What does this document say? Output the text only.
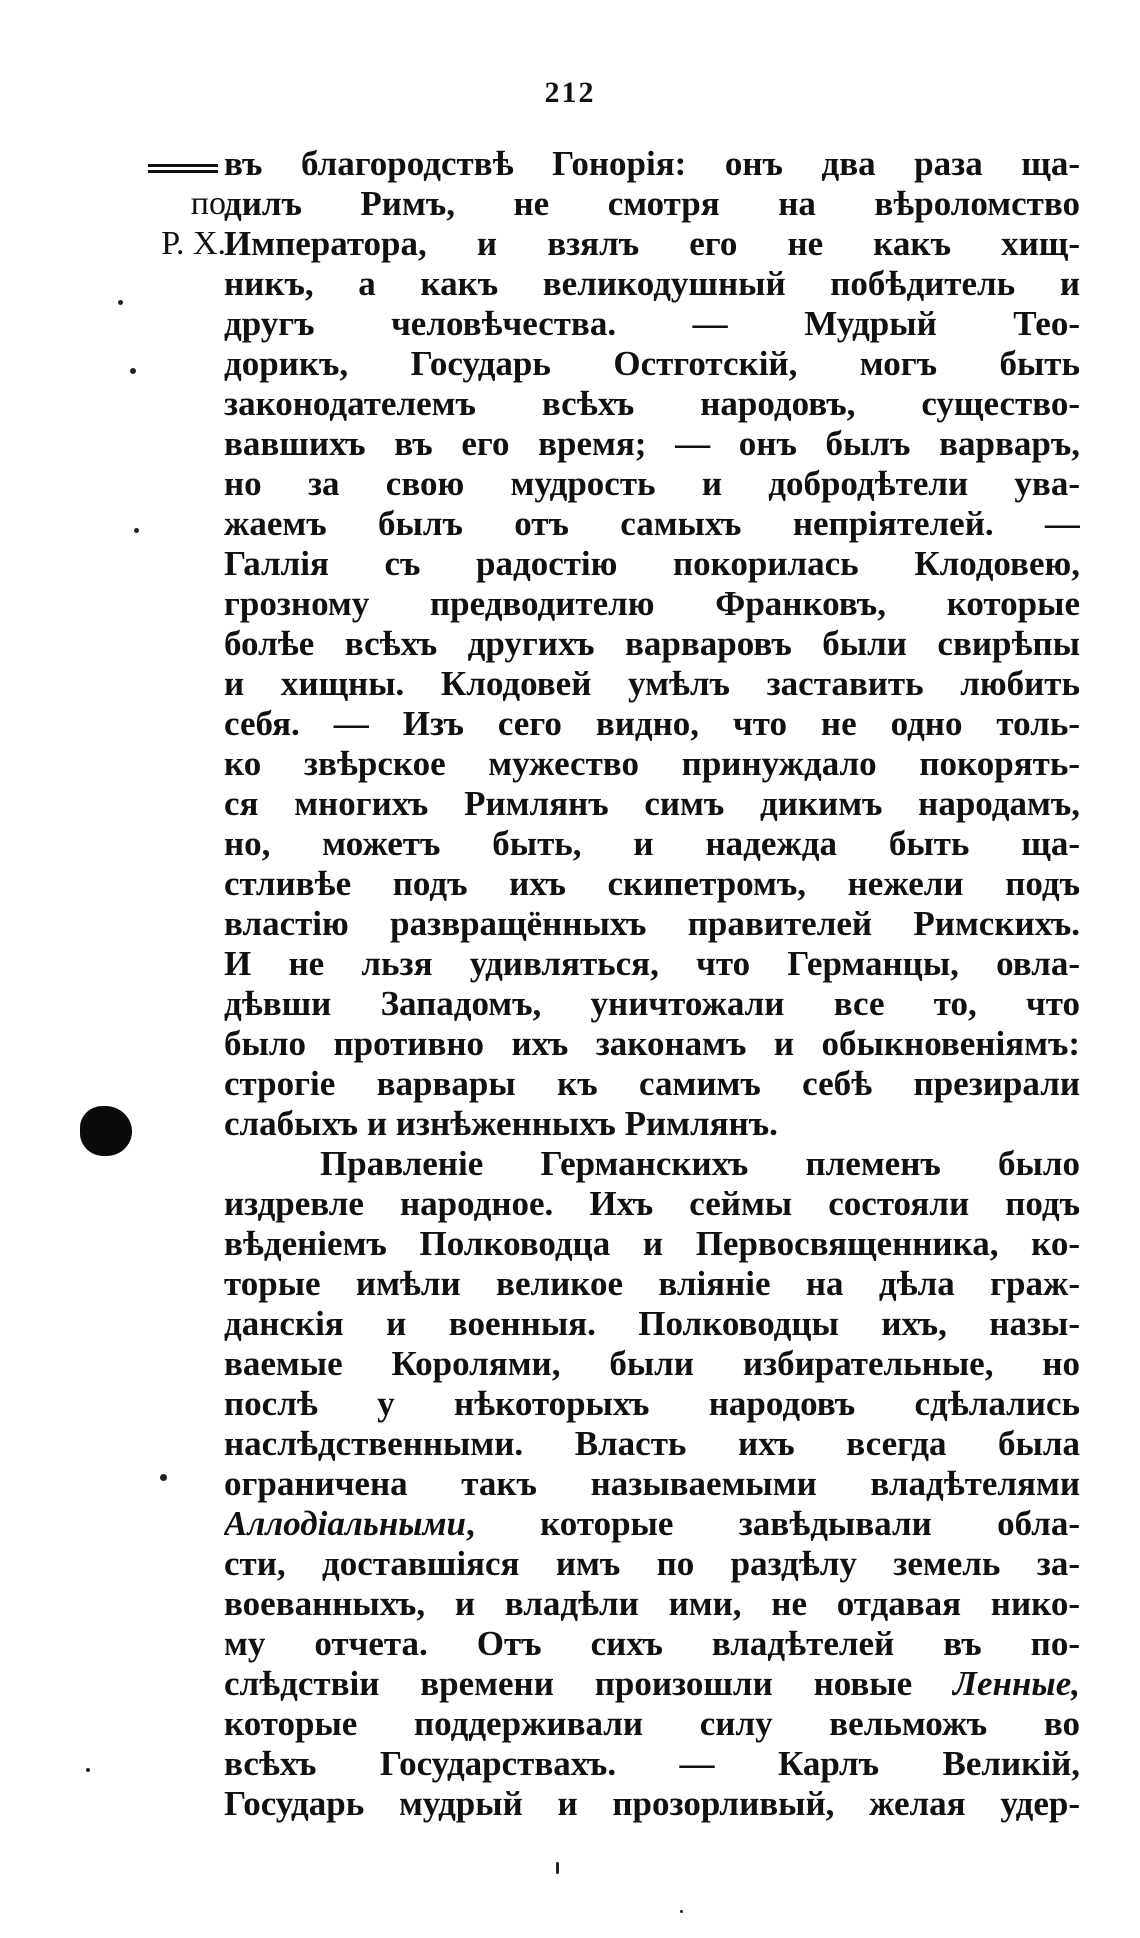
212
по
Р. Х.
въ благородствѣ Гонорія: онъ два раза ща-
дилъ Римъ, не смотря на вѣроломство
Императора, и взялъ его не какъ хищ-
никъ, а какъ великодушный побѣдитель и
другъ человѣчества. — Мудрый Тео-
дорикъ, Государь Остготскій, могъ быть
законодателемъ всѣхъ народовъ, существо-
вавшихъ въ его время; — онъ былъ варваръ,
но за свою мудрость и добродѣтели ува-
жаемъ былъ отъ самыхъ непріятелей. —
Галлія съ радостію покорилась Клодовею,
грозному предводителю Франковъ, которые
болѣе всѣхъ другихъ варваровъ были свирѣпы
и хищны. Клодовей умѣлъ заставить любить
себя. — Изъ сего видно, что не одно толь-
ко звѣрское мужество принуждало покорять-
ся многихъ Римлянъ симъ дикимъ народамъ,
но, можетъ быть, и надежда быть ща-
стливѣе подъ ихъ скипетромъ, нежели подъ
властію развращённыхъ правителей Римскихъ.
И не льзя удивляться, что Германцы, овла-
дѣвши Западомъ, уничтожали все то, что
было противно ихъ законамъ и обыкновеніямъ:
строгіе варвары къ самимъ себѣ презирали
слабыхъ и изнѣженныхъ Римлянъ.
Правленіе Германскихъ племенъ было
издревле народное. Ихъ сеймы состояли подъ
вѣденіемъ Полководца и Первосвященника, ко-
торые имѣли великое вліяніе на дѣла граж-
данскія и военныя. Полководцы ихъ, назы-
ваемые Королями, были избирательные, но
послѣ у нѣкоторыхъ народовъ сдѣлались
наслѣдственными. Власть ихъ всегда была
ограничена такъ называемыми владѣтелями
Аллодіальными, которые завѣдывали обла-
сти, доставшіяся имъ по раздѣлу земель за-
воеванныхъ, и владѣли ими, не отдавая нико-
му отчета. Отъ сихъ владѣтелей въ по-
слѣдствіи времени произошли новые Ленные,
которые поддерживали силу вельможъ во
всѣхъ Государствахъ. — Карлъ Великій,
Государь мудрый и прозорливый, желая удер-
